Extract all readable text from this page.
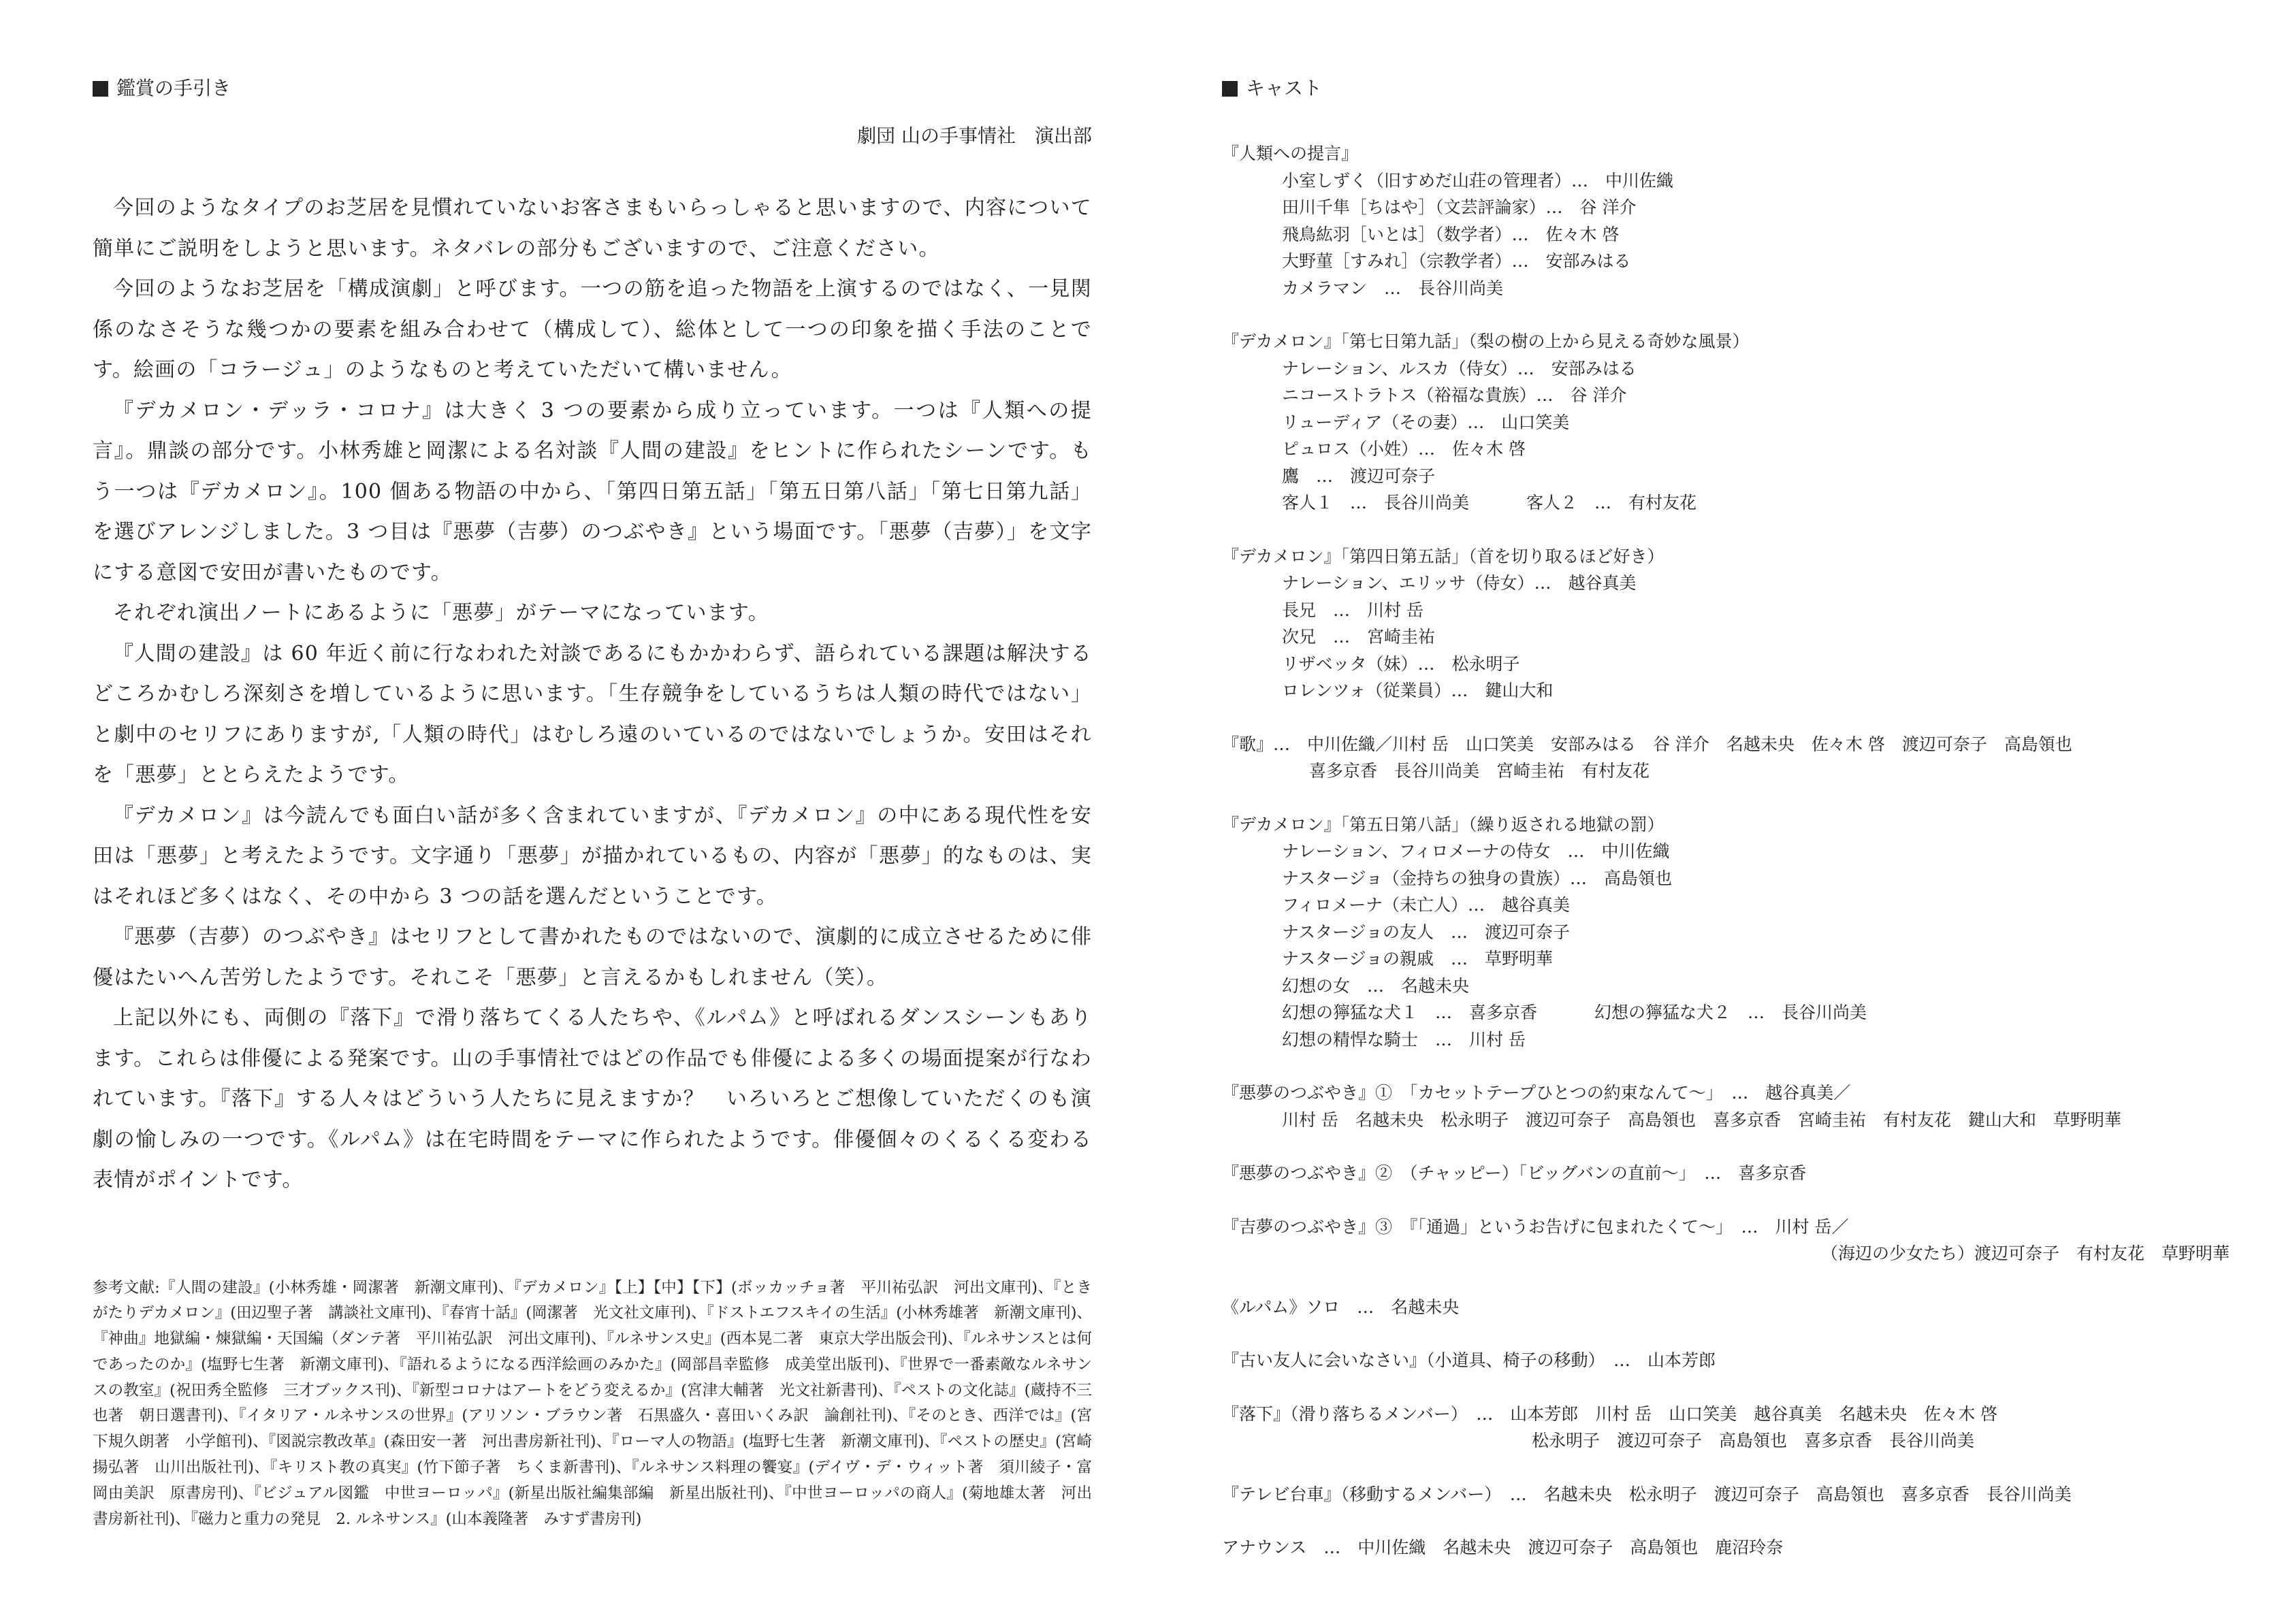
鑑賞の手引き
劇団 山の手事情社　演出部

今回のようなタイプのお芝居を見慣れていないお客さまもいらっしゃると思いますので、内容について簡単にご説明をしようと思います。ネタバレの部分もございますので、ご注意ください。

今回のようなお芝居を「構成演劇」と呼びます。一つの筋を追った物語を上演するのではなく、一見関係のなさそうな幾つかの要素を組み合わせて（構成して）、総体として一つの印象を描く手法のことです。絵画の「コラージュ」のようなものと考えていただいて構いません。

『デカメロン・デッラ・コロナ』は大きく 3 つの要素から成り立っています。一つは『人類への提言』。鼎談の部分です。小林秀雄と岡潔による名対談『人間の建設』をヒントに作られたシーンです。もう一つは『デカメロン』。100 個ある物語の中から、「第四日第五話」「第五日第八話」「第七日第九話」を選びアレンジしました。3 つ目は『悪夢（吉夢）のつぶやき』という場面です。「悪夢（吉夢）」を文字にする意図で安田が書いたものです。

それぞれ演出ノートにあるように「悪夢」がテーマになっています。

『人間の建設』は 60 年近く前に行なわれた対談であるにもかかわらず、語られている課題は解決するどころかむしろ深刻さを増しているように思います。「生存競争をしているうちは人類の時代ではない」と劇中のセリフにありますが,「人類の時代」はむしろ遠のいているのではないでしょうか。安田はそれを「悪夢」ととらえたようです。

『デカメロン』は今読んでも面白い話が多く含まれていますが、『デカメロン』の中にある現代性を安田は「悪夢」と考えたようです。文字通り「悪夢」が描かれているもの、内容が「悪夢」的なものは、実はそれほど多くはなく、その中から 3 つの話を選んだということです。

『悪夢（吉夢）のつぶやき』はセリフとして書かれたものではないので、演劇的に成立させるために俳優はたいへん苦労したようです。それこそ「悪夢」と言えるかもしれません（笑）。

上記以外にも、両側の『落下』で滑り落ちてくる人たちや、《ルパム》と呼ばれるダンスシーンもあります。これらは俳優による発案です。山の手事情社ではどの作品でも俳優による多くの場面提案が行なわれています。『落下』する人々はどういう人たちに見えますか？　いろいろとご想像していただくのも演劇の愉しみの一つです。《ルパム》は在宅時間をテーマに作られたようです。俳優個々のくるくる変わる表情がポイントです。

参考文献:『人間の建設』(小林秀雄・岡潔著　新潮文庫刊)、『デカメロン』【上】【中】【下】(ボッカッチョ著　平川祐弘訳　河出文庫刊)、『ときがたりデカメロン』(田辺聖子著　講談社文庫刊)、『春宵十話』(岡潔著　光文社文庫刊)、『ドストエフスキイの生活』(小林秀雄著　新潮文庫刊)、『神曲』地獄編・煉獄編・天国編（ダンテ著　平川祐弘訳　河出文庫刊)、『ルネサンス史』(西本晃二著　東京大学出版会刊)、『ルネサンスとは何であったのか』(塩野七生著　新潮文庫刊)、『語れるようになる西洋絵画のみかた』(岡部昌幸監修　成美堂出版刊)、『世界で一番素敵なルネサンスの教室』(祝田秀全監修　三才ブックス刊)、『新型コロナはアートをどう変えるか』(宮津大輔著　光文社新書刊)、『ペストの文化誌』(蔵持不三也著　朝日選書刊)、『イタリア・ルネサンスの世界』(アリソン・ブラウン著　石黒盛久・喜田いくみ訳　論創社刊)、『そのとき、西洋では』(宮下規久朗著　小学館刊)、『図説宗教改革』(森田安一著　河出書房新社刊)、『ローマ人の物語』(塩野七生著　新潮文庫刊)、『ペストの歴史』(宮崎揚弘著　山川出版社刊)、『キリスト教の真実』(竹下節子著　ちくま新書刊)、『ルネサンス料理の饗宴』(デイヴ・デ・ウィット著　須川綾子・富岡由美訳　原書房刊)、『ビジュアル図鑑　中世ヨーロッパ』(新星出版社編集部編　新星出版社刊)、『中世ヨーロッパの商人』(菊地雄太著　河出書房新社刊)、『磁力と重力の発見　2. ルネサンス』(山本義隆著　みすず書房刊)

キャスト
『人類への提言』
小室しずく（旧すめだ山荘の管理者）…　中川佐織
田川千隼［ちはや］（文芸評論家）…　谷 洋介
飛鳥紘羽［いとは］（数学者）…　佐々木 啓
大野菫［すみれ］（宗教学者）…　安部みはる
カメラマン　…　長谷川尚美
『デカメロン』「第七日第九話」（梨の樹の上から見える奇妙な風景）
ナレーション、ルスカ（侍女）…　安部みはる
ニコーストラトス（裕福な貴族）…　谷 洋介
リューディア（その妻）…　山口笑美
ピュロス（小姓）…　佐々木 啓
鷹　…　渡辺可奈子
客人１　…　長谷川尚美	客人２　…　有村友花
『デカメロン』「第四日第五話」（首を切り取るほど好き）
ナレーション、エリッサ（侍女）…　越谷真美
長兄　…　川村 岳
次兄　…　宮崎圭祐
リザベッタ（妹）…　松永明子
ロレンツォ（従業員）…　鍵山大和
『歌』…　中川佐織／川村 岳　山口笑美　安部みはる　谷 洋介　名越未央　佐々木 啓　渡辺可奈子　高島領也
喜多京香　長谷川尚美　宮崎圭祐　有村友花
『デカメロン』「第五日第八話」（繰り返される地獄の罰）
ナレーション、フィロメーナの侍女　…　中川佐織
ナスタージョ（金持ちの独身の貴族）…　高島領也
フィロメーナ（未亡人）…　越谷真美
ナスタージョの友人　…　渡辺可奈子
ナスタージョの親戚　…　草野明華
幻想の女　…　名越未央
幻想の獰猛な犬１　…　喜多京香	幻想の獰猛な犬２　…　長谷川尚美
幻想の精悍な騎士　…　川村 岳
『悪夢のつぶやき』①　「カセットテープひとつの約束なんて〜」　…　越谷真美／
川村 岳　名越未央　松永明子　渡辺可奈子　高島領也　喜多京香　宮崎圭祐　有村友花　鍵山大和　草野明華
『悪夢のつぶやき』②　（チャッピー）「ビッグバンの直前〜」　…　喜多京香
『吉夢のつぶやき』③　『「通過」というお告げに包まれたくて〜」　…　川村 岳／
（海辺の少女たち）渡辺可奈子　有村友花　草野明華
《ルパム》ソロ　…　名越未央
『古い友人に会いなさい』（小道具、椅子の移動）　…　山本芳郎
『落下』（滑り落ちるメンバー）　…　山本芳郎　川村 岳　山口笑美　越谷真美　名越未央　佐々木 啓
松永明子　渡辺可奈子　高島領也　喜多京香　長谷川尚美
『テレビ台車』（移動するメンバー）　…　名越未央　松永明子　渡辺可奈子　高島領也　喜多京香　長谷川尚美
アナウンス　…　中川佐織　名越未央　渡辺可奈子　高島領也　鹿沼玲奈
